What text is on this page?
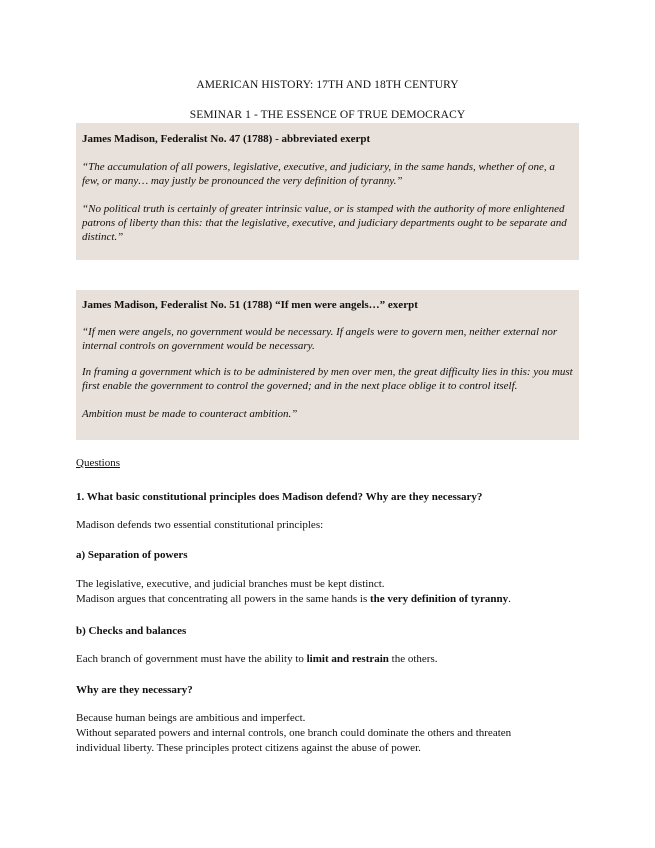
AMERICAN HISTORY: 17TH AND 18TH CENTURY
SEMINAR 1 - THE ESSENCE OF TRUE DEMOCRACY
James Madison, Federalist No. 47 (1788) - abbreviated exerpt
“The accumulation of all powers, legislative, executive, and judiciary, in the same hands, whether of one, a few, or many… may justly be pronounced the very definition of tyranny.”
“No political truth is certainly of greater intrinsic value, or is stamped with the authority of more enlightened patrons of liberty than this: that the legislative, executive, and judiciary departments ought to be separate and distinct.”
James Madison, Federalist No. 51 (1788) “If men were angels…” exerpt
“If men were angels, no government would be necessary. If angels were to govern men, neither external nor internal controls on government would be necessary.
In framing a government which is to be administered by men over men, the great difficulty lies in this: you must first enable the government to control the governed; and in the next place oblige it to control itself.
Ambition must be made to counteract ambition.”
Questions
1. What basic constitutional principles does Madison defend? Why are they necessary?
Madison defends two essential constitutional principles:
a) Separation of powers
The legislative, executive, and judicial branches must be kept distinct.
Madison argues that concentrating all powers in the same hands is the very definition of tyranny.
b) Checks and balances
Each branch of government must have the ability to limit and restrain the others.
Why are they necessary?
Because human beings are ambitious and imperfect.
Without separated powers and internal controls, one branch could dominate the others and threaten individual liberty. These principles protect citizens against the abuse of power.
